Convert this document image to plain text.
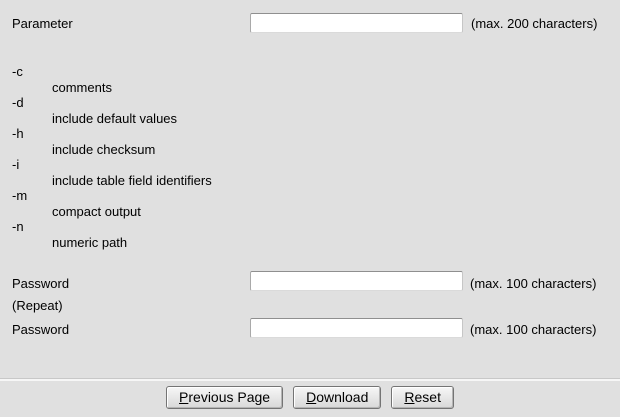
Parameter	(max. 200 characters)
-c
comments
-d
include default values
-h
include checksum
-i
include table field identifiers
-m
compact output
-n
numeric path
Password	(max. 100 characters)
(Repeat)
Password	(max. 100 characters)
Previous Page	Download	Reset
